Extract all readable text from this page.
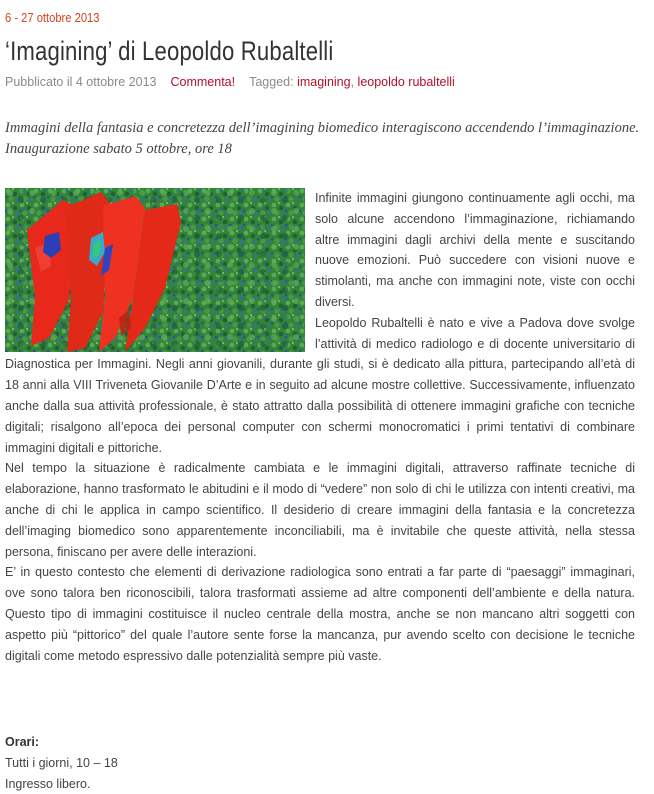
6 - 27 ottobre 2013
‘Imagining’ di Leopoldo Rubaltelli
Pubblicato il 4 ottobre 2013 Commenta! Tagged: imagining, leopoldo rubaltelli
Immagini della fantasia e concretezza dell’imagining biomedico interagiscono accendendo l’immaginazione.
Inaugurazione sabato 5 ottobre, ore 18

Infinite immagini giungono continuamente agli occhi, ma solo alcune accendono l’immaginazione, richiamando altre immagini dagli archivi della mente e suscitando nuove emozioni. Può succedere con visioni nuove e stimolanti, ma anche con immagini note, viste con occhi diversi.

Leopoldo Rubaltelli è nato e vive a Padova dove svolge l’attività di medico radiologo e di docente universitario di Diagnostica per Immagini. Negli anni giovanili, durante gli studi, si è dedicato alla pittura, partecipando all’età di 18 anni alla VIII Triveneta Giovanile D’Arte e in seguito ad alcune mostre collettive. Successivamente, influenzato anche dalla sua attività professionale, è stato attratto dalla possibilità di ottenere immagini grafiche con tecniche digitali; risalgono all’epoca dei personal computer con schermi monocromatici i primi tentativi di combinare immagini digitali e pittoriche.

Nel tempo la situazione è radicalmente cambiata e le immagini digitali, attraverso raffinate tecniche di elaborazione, hanno trasformato le abitudini e il modo di “vedere” non solo di chi le utilizza con intenti creativi, ma anche di chi le applica in campo scientifico. Il desiderio di creare immagini della fantasia e la concretezza dell’imaging biomedico sono apparentemente inconciliabili, ma è invitabile che queste attività, nella stessa persona, finiscano per avere delle interazioni.

E’ in questo contesto che elementi di derivazione radiologica sono entrati a far parte di “paesaggi” immaginari, ove sono talora ben riconoscibili, talora trasformati assieme ad altre componenti dell’ambiente e della natura. Questo tipo di immagini costituisce il nucleo centrale della mostra, anche se non mancano altri soggetti con aspetto più “pittorico” del quale l’autore sente forse la mancanza, pur avendo scelto con decisione le tecniche digitali come metodo espressivo dalle potenzialità sempre più vaste.

Orari:
Tutti i giorni, 10 – 18
Ingresso libero.
